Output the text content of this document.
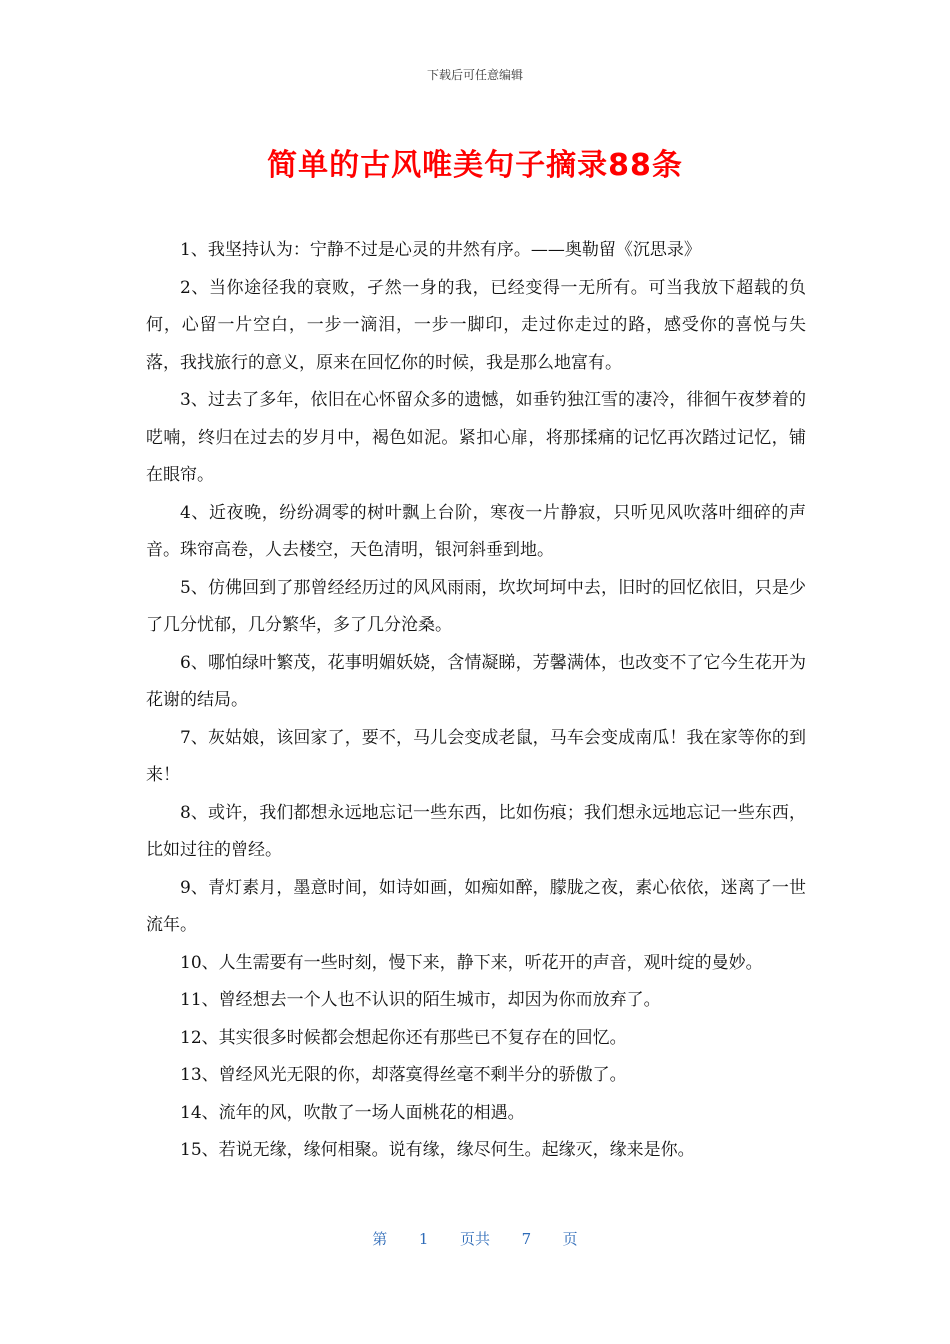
下载后可任意编辑
简单的古风唯美句子摘录88条

1、我坚持认为：宁静不过是心灵的井然有序。——奥勒留《沉思录》

2、当你途径我的衰败，孑然一身的我，已经变得一无所有。可当我放下超载的负何，心留一片空白，一步一滴泪，一步一脚印，走过你走过的路，感受你的喜悦与失落，我找旅行的意义，原来在回忆你的时候，我是那么地富有。

3、过去了多年，依旧在心怀留众多的遗憾，如垂钓独江雪的凄冷，徘徊午夜梦着的呓喃，终归在过去的岁月中，褐色如泥。紧扣心扉，将那揉痛的记忆再次踏过记忆，铺在眼帘。

4、近夜晚，纷纷凋零的树叶飘上台阶，寒夜一片静寂，只听见风吹落叶细碎的声音。珠帘高卷，人去楼空，天色清明，银河斜垂到地。

5、仿佛回到了那曾经经历过的风风雨雨，坎坎坷坷中去，旧时的回忆依旧，只是少了几分忧郁，几分繁华，多了几分沧桑。

6、哪怕绿叶繁茂，花事明媚妖娆，含情凝睇，芳馨满体，也改变不了它今生花开为花谢的结局。

7、灰姑娘，该回家了，要不，马儿会变成老鼠，马车会变成南瓜！我在家等你的到来！

8、或许，我们都想永远地忘记一些东西，比如伤痕；我们想永远地忘记一些东西，比如过往的曾经。

9、青灯素月，墨意时间，如诗如画，如痴如醉，朦胧之夜，素心依依，迷离了一世流年。

10、人生需要有一些时刻，慢下来，静下来，听花开的声音，观叶绽的曼妙。

11、曾经想去一个人也不认识的陌生城市，却因为你而放弃了。

12、其实很多时候都会想起你还有那些已不复存在的回忆。

13、曾经风光无限的你，却落寞得丝毫不剩半分的骄傲了。

14、流年的风，吹散了一场人面桃花的相遇。

15、若说无缘，缘何相聚。说有缘，缘尽何生。起缘灭，缘来是你。

第 1 页共 7 页
